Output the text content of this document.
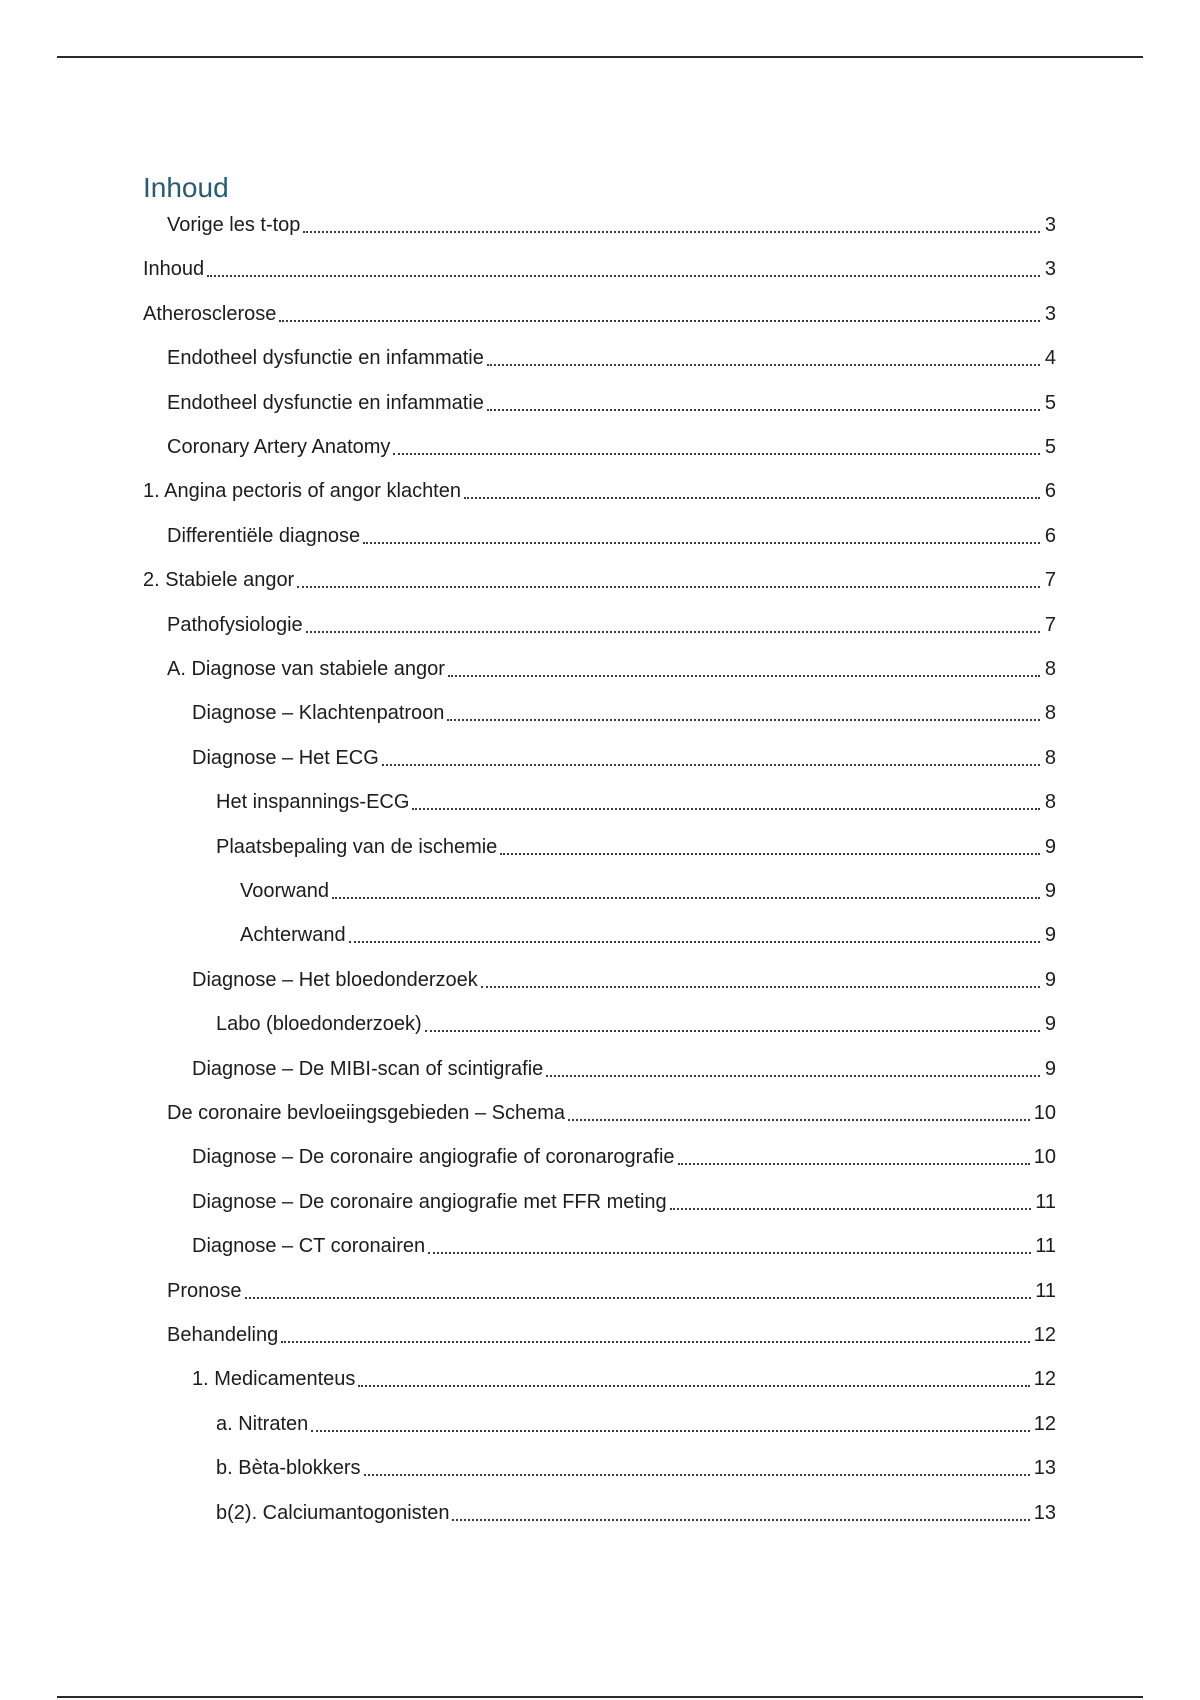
Inhoud
Vorige les t-top	3
Inhoud	3
Atherosclerose	3
Endotheel dysfunctie en infammatie	4
Endotheel dysfunctie en infammatie	5
Coronary Artery Anatomy	5
1. Angina pectoris of angor klachten	6
Differentiële diagnose	6
2. Stabiele angor	7
Pathofysiologie	7
A. Diagnose van stabiele angor	8
Diagnose – Klachtenpatroon	8
Diagnose – Het ECG	8
Het inspannings-ECG	8
Plaatsbepaling van de ischemie	9
Voorwand	9
Achterwand	9
Diagnose – Het bloedonderzoek	9
Labo (bloedonderzoek)	9
Diagnose – De MIBI-scan of scintigrafie	9
De coronaire bevloeiingsgebieden – Schema	10
Diagnose – De coronaire angiografie of coronarografie	10
Diagnose – De coronaire angiografie met FFR meting	11
Diagnose – CT coronairen	11
Pronose	11
Behandeling	12
1. Medicamenteus	12
a. Nitraten	12
b. Bèta-blokkers	13
b(2). Calciumantogonisten	13
